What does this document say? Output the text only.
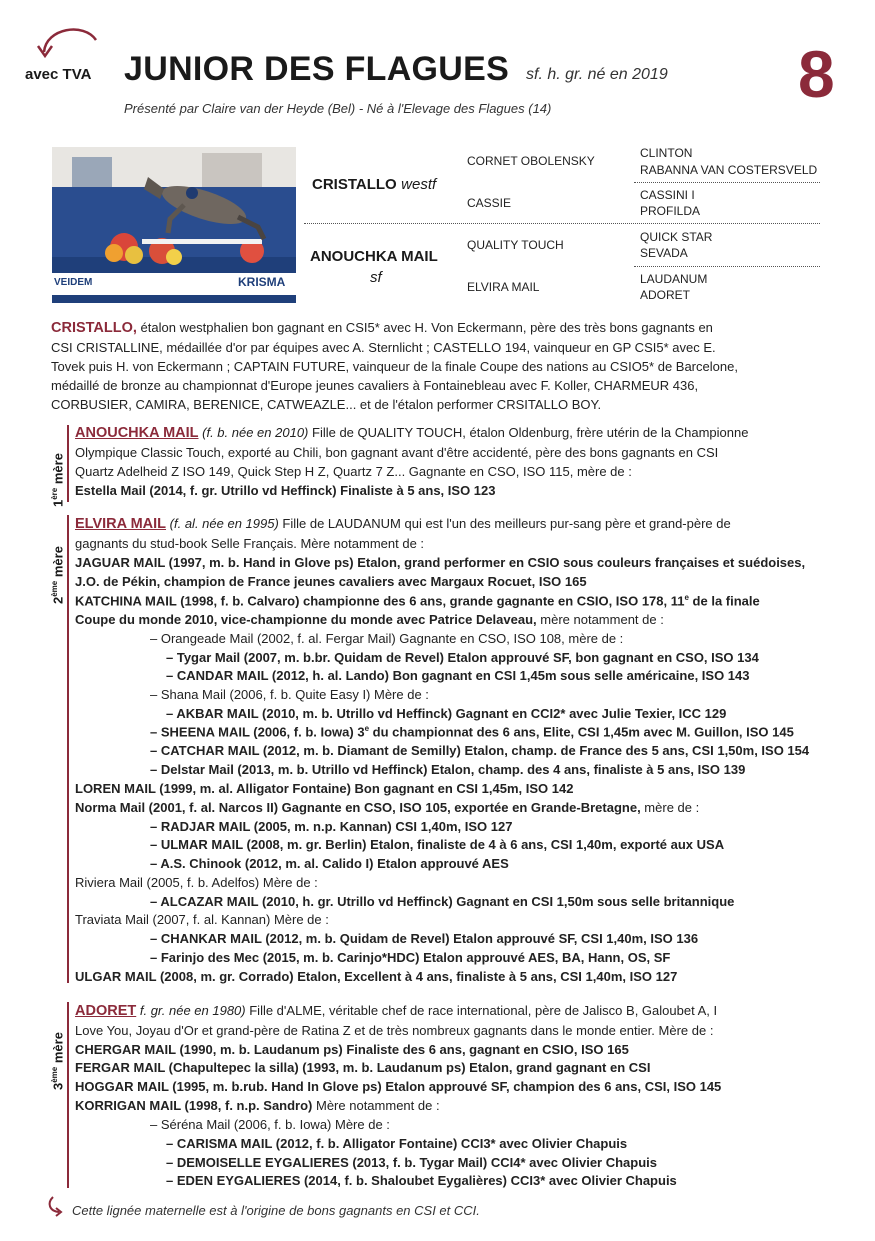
avec TVA JUNIOR DES FLAGUES sf. h. gr. né en 2019 8
Présenté par Claire van der Heyde (Bel) - Né à l'Elevage des Flagues (14)
VEIDEM	KRISMA
CRISTALLO westf
ANOUCHKA MAIL
sf
CORNET OBOLENSKY
CASSIE
QUALITY TOUCH
ELVIRA MAIL
CLINTON
RABANNA VAN COSTERSVELD
CASSINI I
PROFILDA
QUICK STAR
SEVADA
LAUDANUM
ADORET
CRISTALLO, étalon westphalien bon gagnant en CSI5* avec H. Von Eckermann, père des très bons gagnants en
CSI CRISTALLINE, médaillée d'or par équipes avec A. Sternlicht ; CASTELLO 194, vainqueur en GP CSI5* avec E.
Tovek puis H. von Eckermann ; CAPTAIN FUTURE, vainqueur de la finale Coupe des nations au CSIO5* de Barcelone,
médaillé de bronze au championnat d'Europe jeunes cavaliers à Fontainebleau avec F. Koller, CHARMEUR 436,
CORBUSIER, CAMIRA, BERENICE, CATWEAZLE... et de l'étalon performer CRSITALLO BOY.
1ère mère
ANOUCHKA MAIL (f. b. née en 2010) Fille de QUALITY TOUCH, étalon Oldenburg, frère utérin de la Championne
Olympique Classic Touch, exporté au Chili, bon gagnant avant d'être accidenté, père des bons gagnants en CSI
Quartz Adelheid Z ISO 149, Quick Step H Z, Quartz 7 Z... Gagnante en CSO, ISO 115, mère de :
Estella Mail (2014, f. gr. Utrillo vd Heffinck) Finaliste à 5 ans, ISO 123
2ème mère
ELVIRA MAIL (f. al. née en 1995) Fille de LAUDANUM qui est l'un des meilleurs pur-sang père et grand-père de
gagnants du stud-book Selle Français. Mère notamment de :
JAGUAR MAIL (1997, m. b. Hand in Glove ps) Etalon, grand performer en CSIO sous couleurs françaises et suédoises,
J.O. de Pékin, champion de France jeunes cavaliers avec Margaux Rocuet, ISO 165
KATCHINA MAIL (1998, f. b. Calvaro) championne des 6 ans, grande gagnante en CSIO, ISO 178, 11e de la finale
Coupe du monde 2010, vice-championne du monde avec Patrice Delaveau, mère notamment de :
– Orangeade Mail (2002, f. al. Fergar Mail) Gagnante en CSO, ISO 108, mère de :
– Tygar Mail (2007, m. b.br. Quidam de Revel) Etalon approuvé SF, bon gagnant en CSO, ISO 134
– CANDAR MAIL (2012, h. al. Lando) Bon gagnant en CSI 1,45m sous selle américaine, ISO 143
– Shana Mail (2006, f. b. Quite Easy I) Mère de :
– AKBAR MAIL (2010, m. b. Utrillo vd Heffinck) Gagnant en CCI2* avec Julie Texier, ICC 129
– SHEENA MAIL (2006, f. b. Iowa) 3e du championnat des 6 ans, Elite, CSI 1,45m avec M. Guillon, ISO 145
– CATCHAR MAIL (2012, m. b. Diamant de Semilly) Etalon, champ. de France des 5 ans, CSI 1,50m, ISO 154
– Delstar Mail (2013, m. b. Utrillo vd Heffinck) Etalon, champ. des 4 ans, finaliste à 5 ans, ISO 139
LOREN MAIL (1999, m. al. Alligator Fontaine) Bon gagnant en CSI 1,45m, ISO 142
Norma Mail (2001, f. al. Narcos II) Gagnante en CSO, ISO 105, exportée en Grande-Bretagne, mère de :
– RADJAR MAIL (2005, m. n.p. Kannan) CSI 1,40m, ISO 127
– ULMAR MAIL (2008, m. gr. Berlin) Etalon, finaliste de 4 à 6 ans, CSI 1,40m, exporté aux USA
– A.S. Chinook (2012, m. al. Calido I) Etalon approuvé AES
Riviera Mail (2005, f. b. Adelfos) Mère de :
– ALCAZAR MAIL (2010, h. gr. Utrillo vd Heffinck) Gagnant en CSI 1,50m sous selle britannique
Traviata Mail (2007, f. al. Kannan) Mère de :
– CHANKAR MAIL (2012, m. b. Quidam de Revel) Etalon approuvé SF, CSI 1,40m, ISO 136
– Farinjo des Mec (2015, m. b. Carinjo*HDC) Etalon approuvé AES, BA, Hann, OS, SF
ULGAR MAIL (2008, m. gr. Corrado) Etalon, Excellent à 4 ans, finaliste à 5 ans, CSI 1,40m, ISO 127
3ème mère
ADORET f. gr. née en 1980) Fille d'ALME, véritable chef de race international, père de Jalisco B, Galoubet A, I
Love You, Joyau d'Or et grand-père de Ratina Z et de très nombreux gagnants dans le monde entier. Mère de :
CHERGAR MAIL (1990, m. b. Laudanum ps) Finaliste des 6 ans, gagnant en CSIO, ISO 165
FERGAR MAIL (Chapultepec la silla) (1993, m. b. Laudanum ps) Etalon, grand gagnant en CSI
HOGGAR MAIL (1995, m. b.rub. Hand In Glove ps) Etalon approuvé SF, champion des 6 ans, CSI, ISO 145
KORRIGAN MAIL (1998, f. n.p. Sandro) Mère notamment de :
– Séréna Mail (2006, f. b. Iowa) Mère de :
– CARISMA MAIL (2012, f. b. Alligator Fontaine) CCI3* avec Olivier Chapuis
– DEMOISELLE EYGALIERES (2013, f. b. Tygar Mail) CCI4* avec Olivier Chapuis
– EDEN EYGALIERES (2014, f. b. Shaloubet Eygalières) CCI3* avec Olivier Chapuis
Cette lignée maternelle est à l'origine de bons gagnants en CSI et CCI.
